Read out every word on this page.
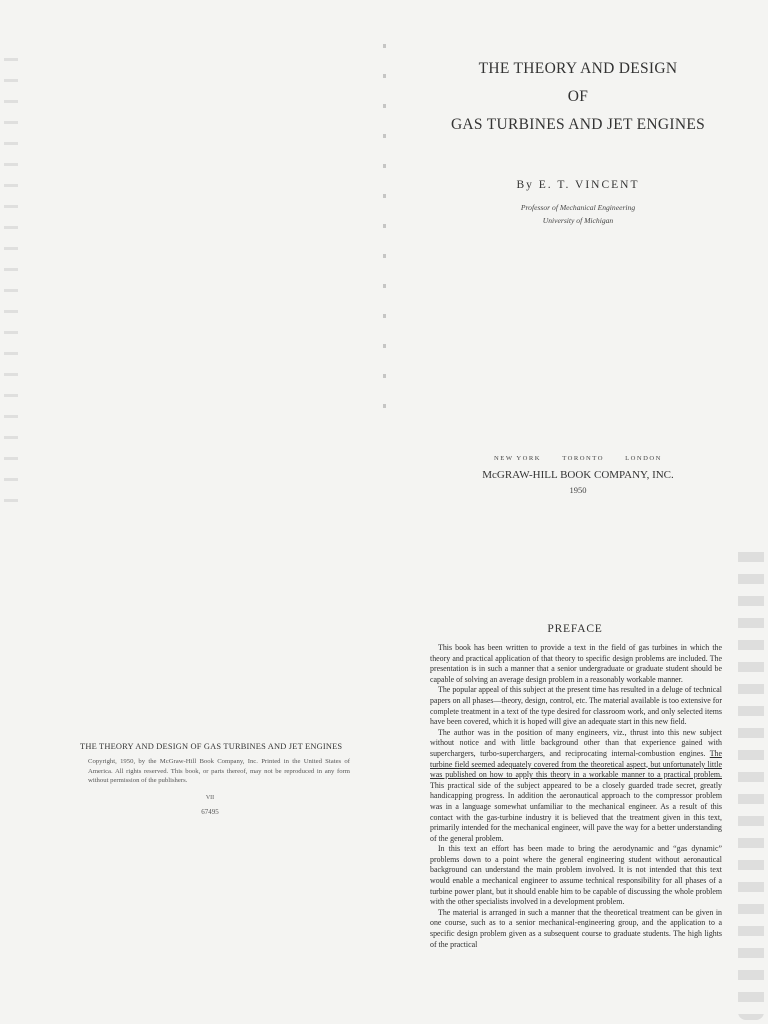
THE THEORY AND DESIGN
OF
GAS TURBINES AND JET ENGINES
By E. T. VINCENT
Professor of Mechanical Engineering
University of Michigan
NEW YORK	TORONTO	LONDON
McGRAW-HILL BOOK COMPANY, INC.
1950
THE THEORY AND DESIGN OF GAS TURBINES AND JET ENGINES
Copyright, 1950, by the McGraw-Hill Book Company, Inc. Printed in the United States of America. All rights reserved. This book, or parts thereof, may not be reproduced in any form without permission of the publishers.
VII
67495
PREFACE

This book has been written to provide a text in the field of gas turbines in which the theory and practical application of that theory to specific design problems are included. The presentation is in such a manner that a senior undergraduate or graduate student should be capable of solving an average design problem in a reasonably workable manner.

The popular appeal of this subject at the present time has resulted in a deluge of technical papers on all phases—theory, design, control, etc. The material available is too extensive for complete treatment in a text of the type desired for classroom work, and only selected items have been covered, which it is hoped will give an adequate start in this new field.

The author was in the position of many engineers, viz., thrust into this new subject without notice and with little background other than that experience gained with superchargers, turbo-superchargers, and reciprocating internal-combustion engines. The turbine field seemed adequately covered from the theoretical aspect, but unfortunately little was published on how to apply this theory in a workable manner to a practical problem. This practical side of the subject appeared to be a closely guarded trade secret, greatly handicapping progress. In addition the aeronautical approach to the compressor problem was in a language somewhat unfamiliar to the mechanical engineer. As a result of this contact with the gas-turbine industry it is believed that the treatment given in this text, primarily intended for the mechanical engineer, will pave the way for a better understanding of the general problem.

In this text an effort has been made to bring the aerodynamic and “gas dynamic” problems down to a point where the general engineering student without aeronautical background can understand the main problem involved. It is not intended that this text would enable a mechanical engineer to assume technical responsibility for all phases of a turbine power plant, but it should enable him to be capable of discussing the whole problem with the other specialists involved in a development problem.

The material is arranged in such a manner that the theoretical treatment can be given in one course, such as to a senior mechanical-engineering group, and the application to a specific design problem given as a subsequent course to graduate students. The high lights of the practical
